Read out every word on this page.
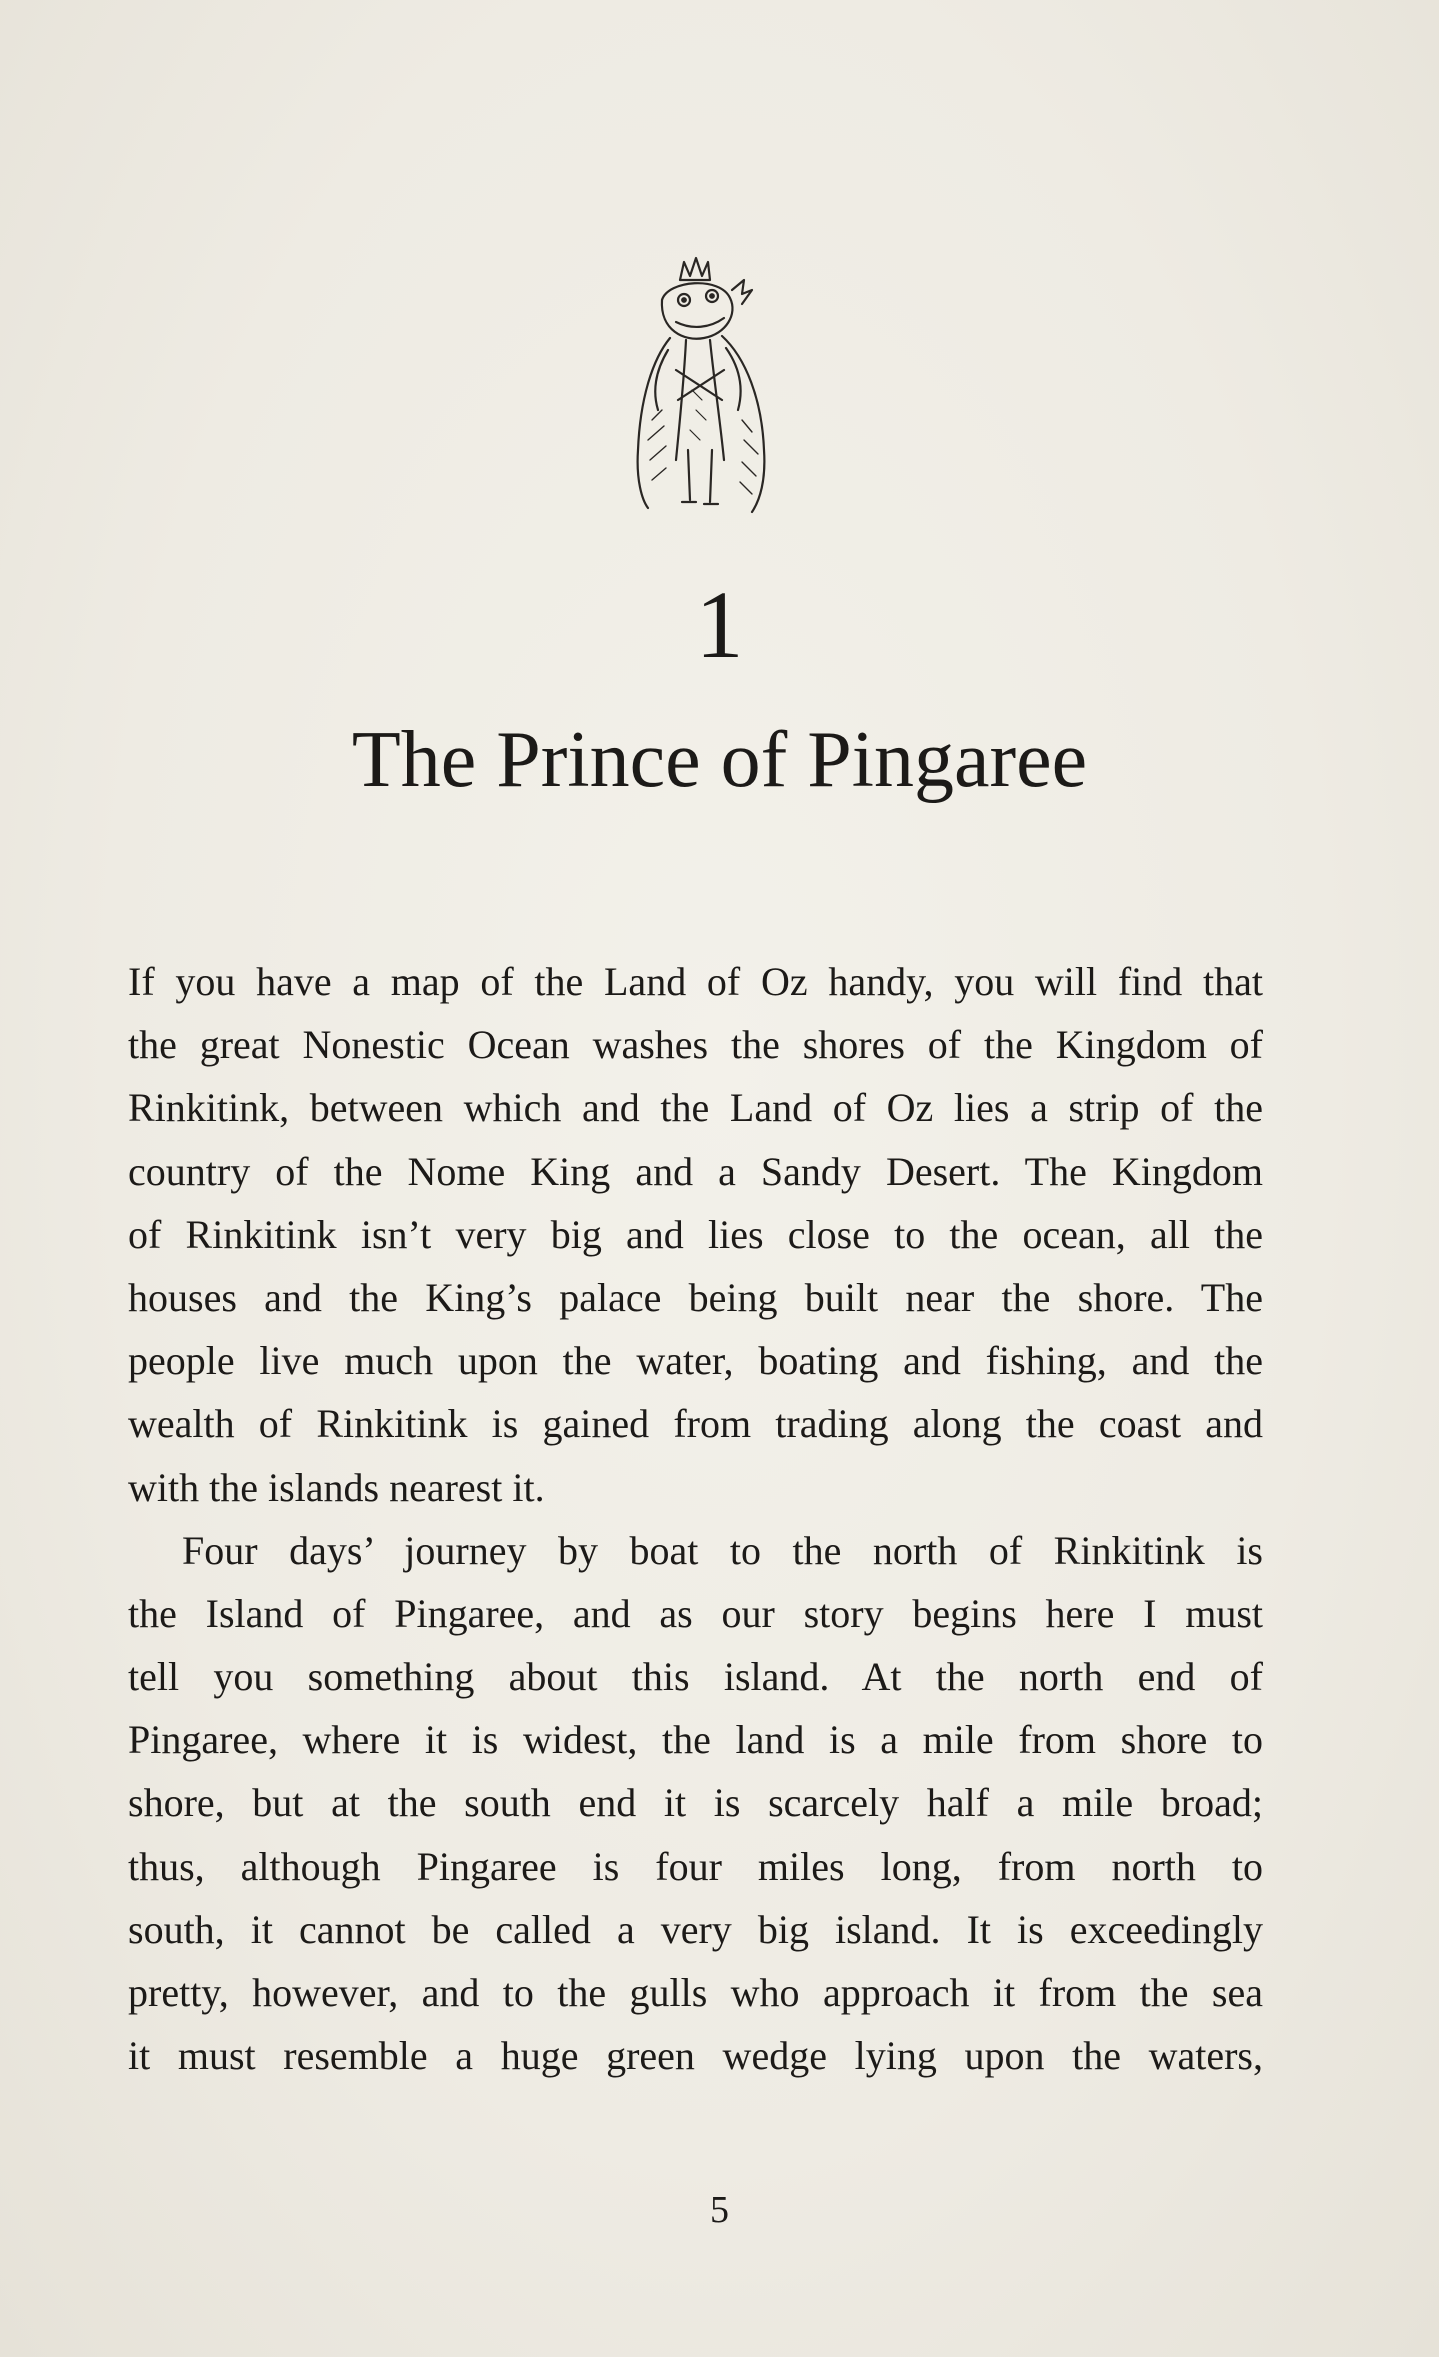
1
The Prince of Pingaree
If you have a map of the Land of Oz handy, you will find that
the great Nonestic Ocean washes the shores of the Kingdom of
Rinkitink, between which and the Land of Oz lies a strip of the
country of the Nome King and a Sandy Desert. The Kingdom
of Rinkitink isn’t very big and lies close to the ocean, all the
houses and the King’s palace being built near the shore. The
people live much upon the water, boating and fishing, and the
wealth of Rinkitink is gained from trading along the coast and
with the islands nearest it.
Four days’ journey by boat to the north of Rinkitink is
the Island of Pingaree, and as our story begins here I must
tell you something about this island. At the north end of
Pingaree, where it is widest, the land is a mile from shore to
shore, but at the south end it is scarcely half a mile broad;
thus, although Pingaree is four miles long, from north to
south, it cannot be called a very big island. It is exceedingly
pretty, however, and to the gulls who approach it from the sea
it must resemble a huge green wedge lying upon the waters,
5
